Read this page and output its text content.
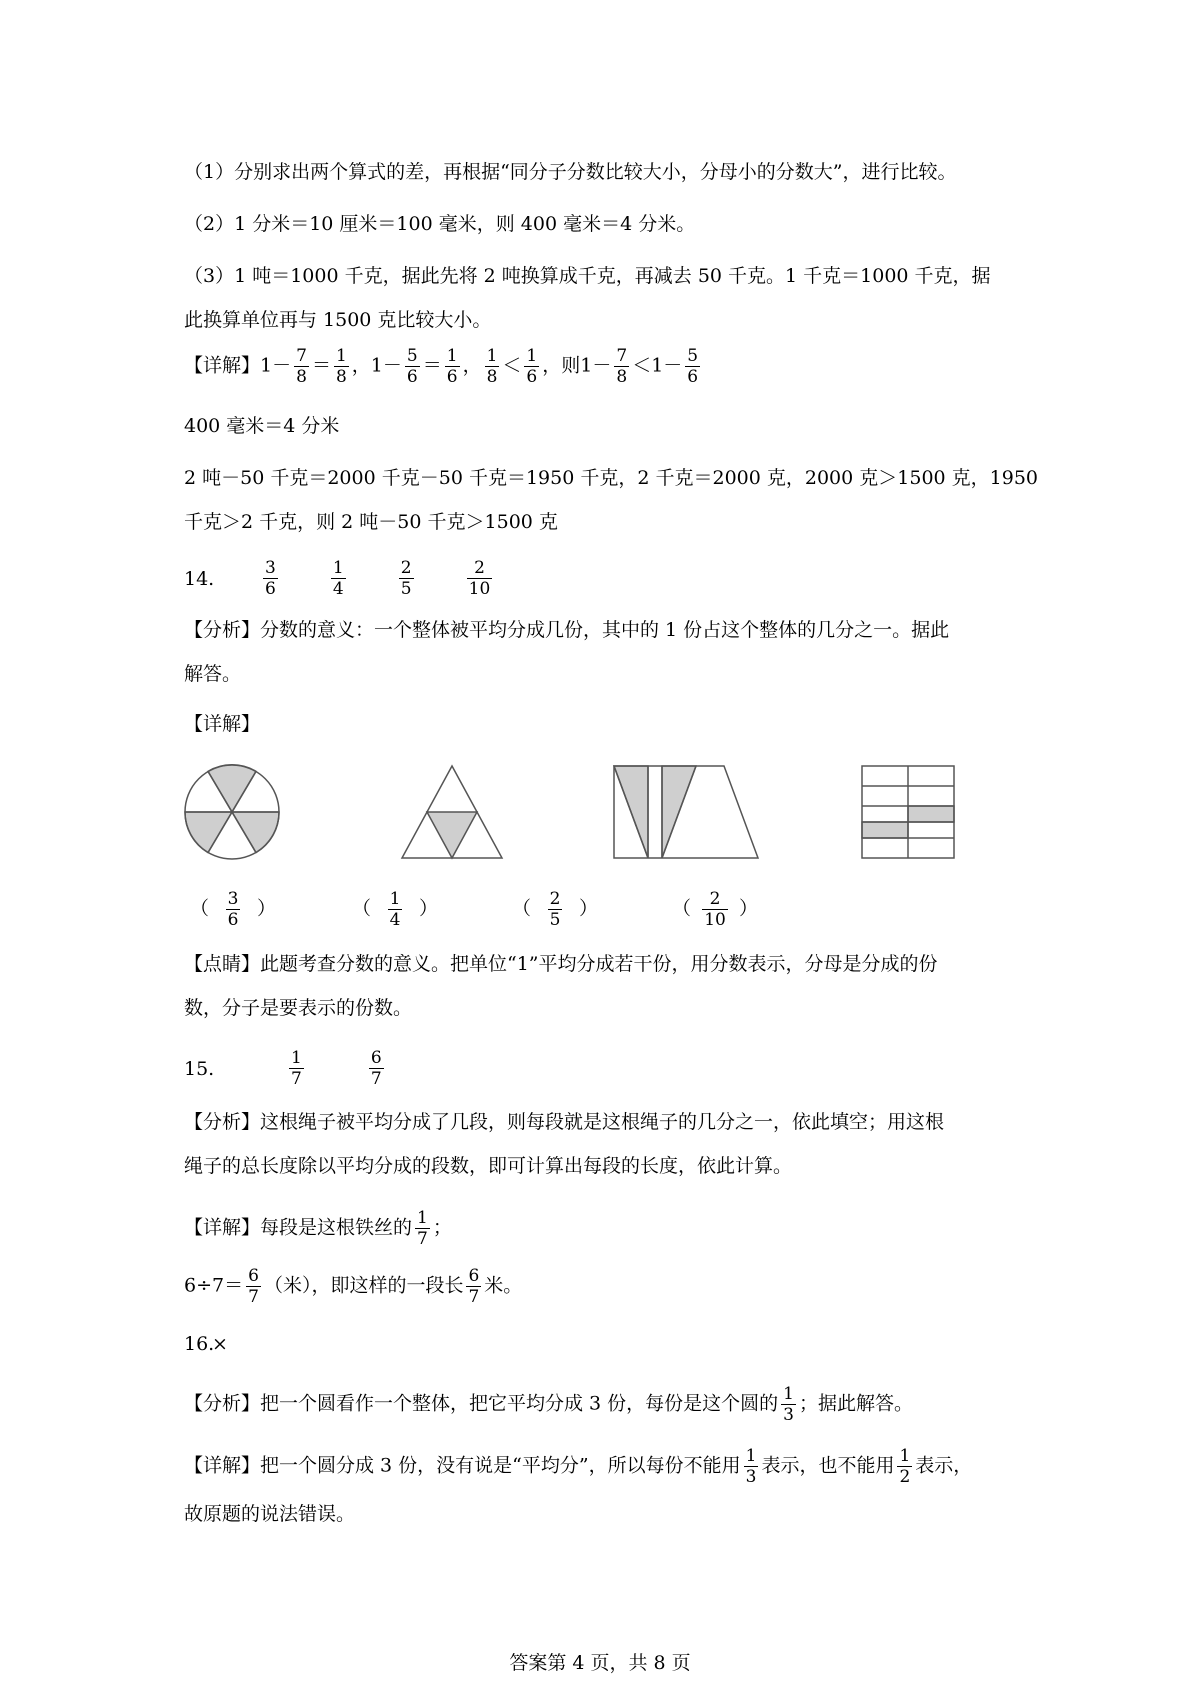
（1）分别求出两个算式的差，再根据“同分子分数比较大小，分母小的分数大”，进行比较。
（2）1 分米＝10 厘米＝100 毫米，则 400 毫米＝4 分米。
（3）1 吨＝1000 千克，据此先将 2 吨换算成千克，再减去 50 千克。1 千克＝1000 千克，据
此换算单位再与 1500 克比较大小。
【详解】$1- \frac{7}{8} = \frac{1}{8}$ ，$1- \frac{5}{6} = \frac{1}{6}$ ， $\frac{1}{8} < \frac{1}{6}$ ，则$1- \frac{7}{8} <1- \frac{5}{6}$
400 毫米＝4 分米
2 吨－50 千克＝2000 千克－50 千克＝1950 千克，2 千克＝2000 克，2000 克＞1500 克，1950
千克＞2 千克，则 2 吨－50 千克＞1500 克
14.	$\frac{3}{6}$
	$\frac{1}{4}$
	$\frac{2}{5}$
	$\frac{2}{10}$
【分析】分数的意义：一个整体被平均分成几份，其中的 1 份占这个整体的几分之一。据此
解答。
【详解】
（ $\frac{3}{6}$ ）	（ $\frac{1}{4}$ ）	（ $\frac{2}{5}$ ）	（ $\frac{2}{10}$ ）
【点睛】此题考查分数的意义。把单位“1”平均分成若干份，用分数表示，分母是分成的份
数，分子是要表示的份数。
15.	$\frac{1}{7}$
	$\frac{6}{7}$
【分析】这根绳子被平均分成了几段，则每段就是这根绳子的几分之一，依此填空；用这根
绳子的总长度除以平均分成的段数，即可计算出每段的长度，依此计算。
【详解】每段是这根铁丝的 $\frac{1}{7}$ ；
$6\div 7= \frac{6}{7}$ （米），即这样的一段长 $\frac{6}{7}$ 米。
16.×
【分析】把一个圆看作一个整体，把它平均分成 3 份，每份是这个圆的 $\frac{1}{3}$ ；据此解答。
【详解】把一个圆分成 3 份，没有说是“平均分”，所以每份不能用 $\frac{1}{3}$ 表示，也不能用 $\frac{1}{2}$ 表示，
故原题的说法错误。
答案第 4 页，共 8 页
